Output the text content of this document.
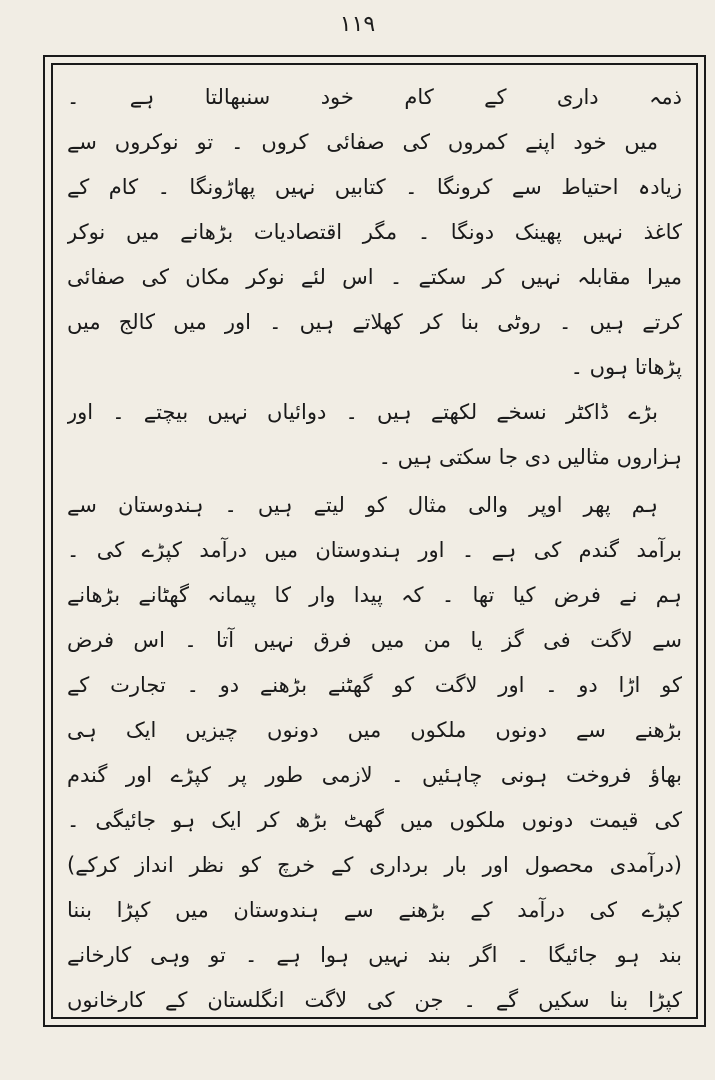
۱۱۹
ذمہ داری کے کام خود سنبھالتا ہے ۔
میں خود اپنے کمروں کی صفائی کروں ۔ تو نوکروں سے
زیادہ احتیاط سے کرونگا ۔ کتابیں نہیں پھاڑونگا ۔ کام کے
کاغذ نہیں پھینک دونگا ۔ مگر اقتصادیات بڑھانے میں نوکر
میرا مقابلہ نہیں کر سکتے ۔ اس لئے نوکر مکان کی صفائی
کرتے ہیں ۔ روٹی بنا کر کھلاتے ہیں ۔ اور میں کالج میں
پڑھاتا ہوں ۔
بڑے ڈاکٹر نسخے لکھتے ہیں ۔ دوائیاں نہیں بیچتے ۔ اور
ہزاروں مثالیں دی جا سکتی ہیں ۔
ہم پھر اوپر والی مثال کو لیتے ہیں ۔ ہندوستان سے
برآمد گندم کی ہے ۔ اور ہندوستان میں درآمد کپڑے کی ۔
ہم نے فرض کیا تھا ۔ کہ پیدا وار کا پیمانہ گھٹانے بڑھانے
سے لاگت فی گز یا من میں فرق نہیں آتا ۔ اس فرض
کو اڑا دو ۔ اور لاگت کو گھٹنے بڑھنے دو ۔ تجارت کے
بڑھنے سے دونوں ملکوں میں دونوں چیزیں ایک ہی
بھاؤ فروخت ہونی چاہئیں ۔ لازمی طور پر کپڑے اور گندم
کی قیمت دونوں ملکوں میں گھٹ بڑھ کر ایک ہو جائیگی ۔
(درآمدی محصول اور بار برداری کے خرچ کو نظر انداز کرکے)
کپڑے کی درآمد کے بڑھنے سے ہندوستان میں کپڑا بننا
بند ہو جائیگا ۔ اگر بند نہیں ہوا ہے ۔ تو وہی کارخانے
کپڑا بنا سکیں گے ۔ جن کی لاگت انگلستان کے کارخانوں
